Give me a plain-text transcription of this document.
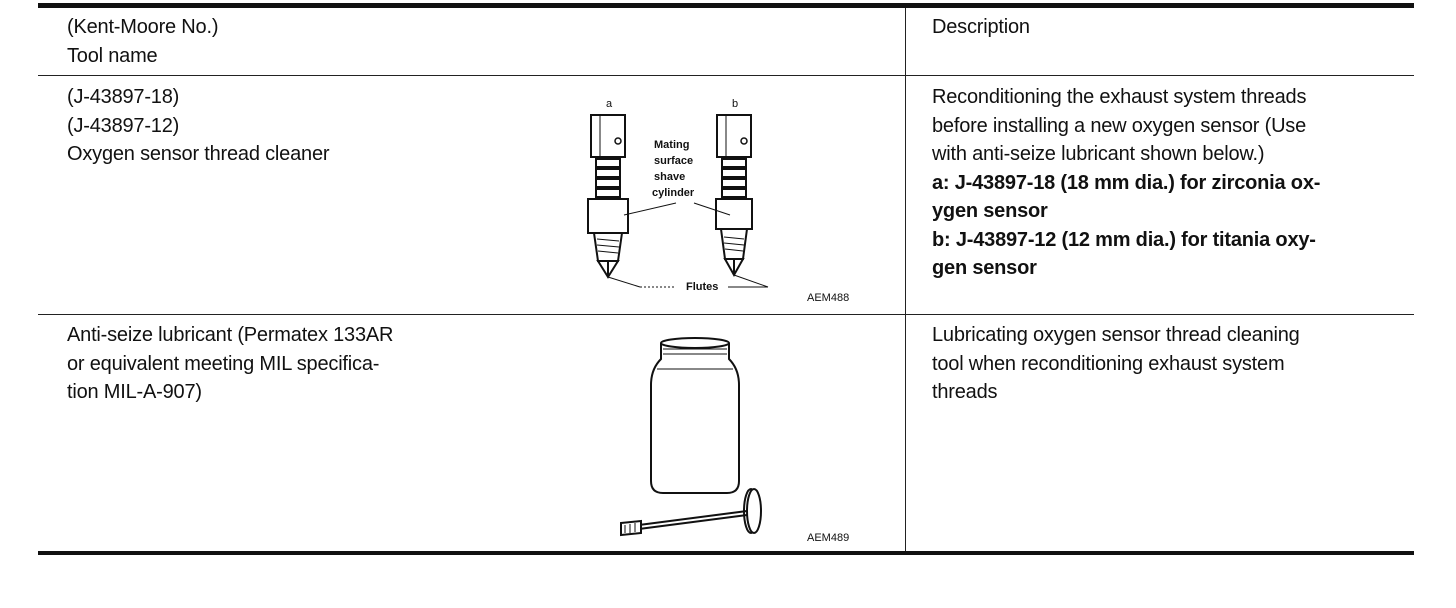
(Kent-Moore No.)
Tool name
Description
(J-43897-18)
(J-43897-12)
Oxygen sensor thread cleaner
a	b
Mating
surface
shave
cylinder
Flutes
AEM488
Reconditioning the exhaust system threads
before installing a new oxygen sensor (Use
with anti-seize lubricant shown below.)
a: J-43897-18 (18 mm dia.) for zirconia ox-
ygen sensor
b: J-43897-12 (12 mm dia.) for titania oxy-
gen sensor
Anti-seize lubricant (Permatex 133AR
or equivalent meeting MIL specifica-
tion MIL-A-907)
AEM489
Lubricating oxygen sensor thread cleaning
tool when reconditioning exhaust system
threads
